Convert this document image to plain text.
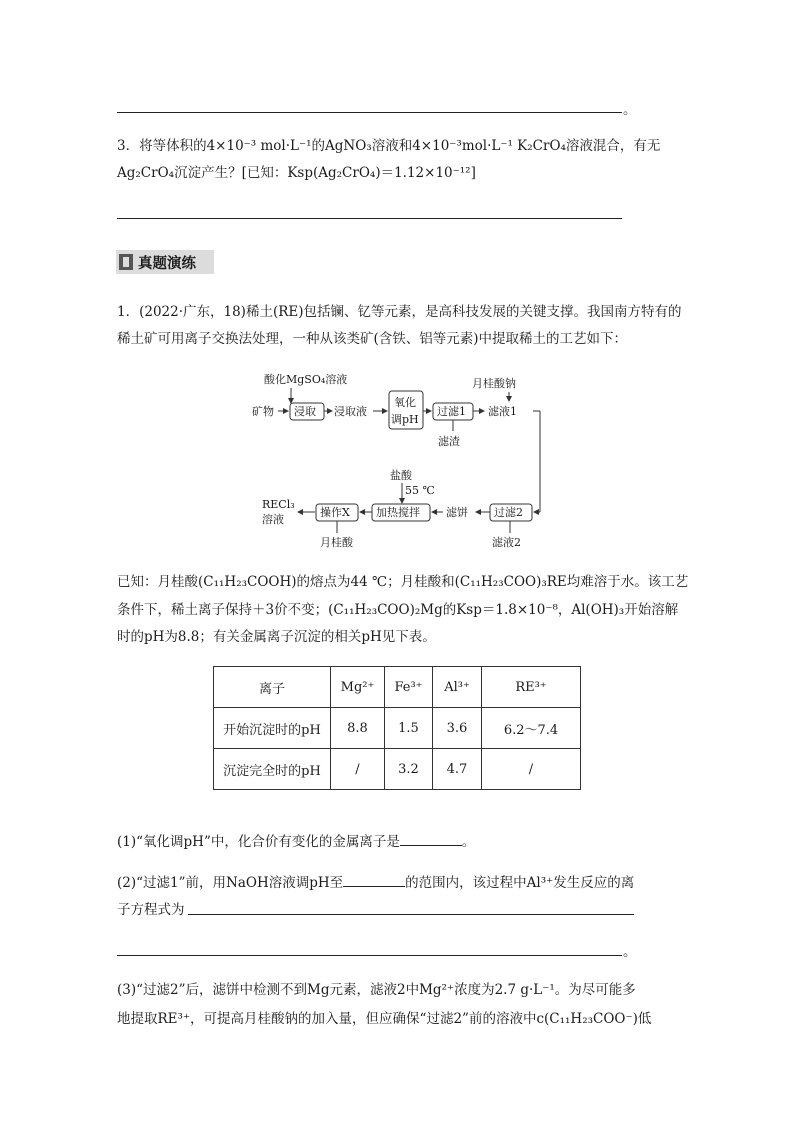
。
3．将等体积的4×10⁻³ mol·L⁻¹的AgNO₃溶液和4×10⁻³mol·L⁻¹ K₂CrO₄溶液混合，有无
Ag₂CrO₄沉淀产生？[已知：Ksp(Ag₂CrO₄)＝1.12×10⁻¹²]
真题演练
1．(2022·广东，18)稀土(RE)包括镧、钇等元素，是高科技发展的关键支撑。我国南方特有的
稀土矿可用离子交换法处理，一种从该类矿(含铁、铝等元素)中提取稀土的工艺如下：
酸化MgSO₄溶液
矿物 浸取 浸取液
氧化
调pH
过滤1
滤渣
月桂酸钠
滤液1
盐酸
55 ℃
RECl₃
溶液
操作X
月桂酸
加热搅拌 滤饼 过滤2
滤液2
已知：月桂酸(C₁₁H₂₃COOH)的熔点为44 ℃；月桂酸和(C₁₁H₂₃COO)₃RE均难溶于水。该工艺
条件下，稀土离子保持＋3价不变；(C₁₁H₂₃COO)₂Mg的Ksp＝1.8×10⁻⁸，Al(OH)₃开始溶解
时的pH为8.8；有关金属离子沉淀的相关pH见下表。
离子	Mg²⁺	Fe³⁺	Al³⁺	RE³⁺
开始沉淀时的pH	8.8	1.5	3.6	6.2～7.4
沉淀完全时的pH	/	3.2	4.7	/
(1)“氧化调pH”中，化合价有变化的金属离子是	。
(2)“过滤1”前，用NaOH溶液调pH至	的范围内，该过程中Al³⁺发生反应的离
子方程式为
。
(3)“过滤2”后，滤饼中检测不到Mg元素，滤液2中Mg²⁺浓度为2.7 g·L⁻¹。为尽可能多
地提取RE³⁺，可提高月桂酸钠的加入量，但应确保“过滤2”前的溶液中c(C₁₁H₂₃COO⁻)低
